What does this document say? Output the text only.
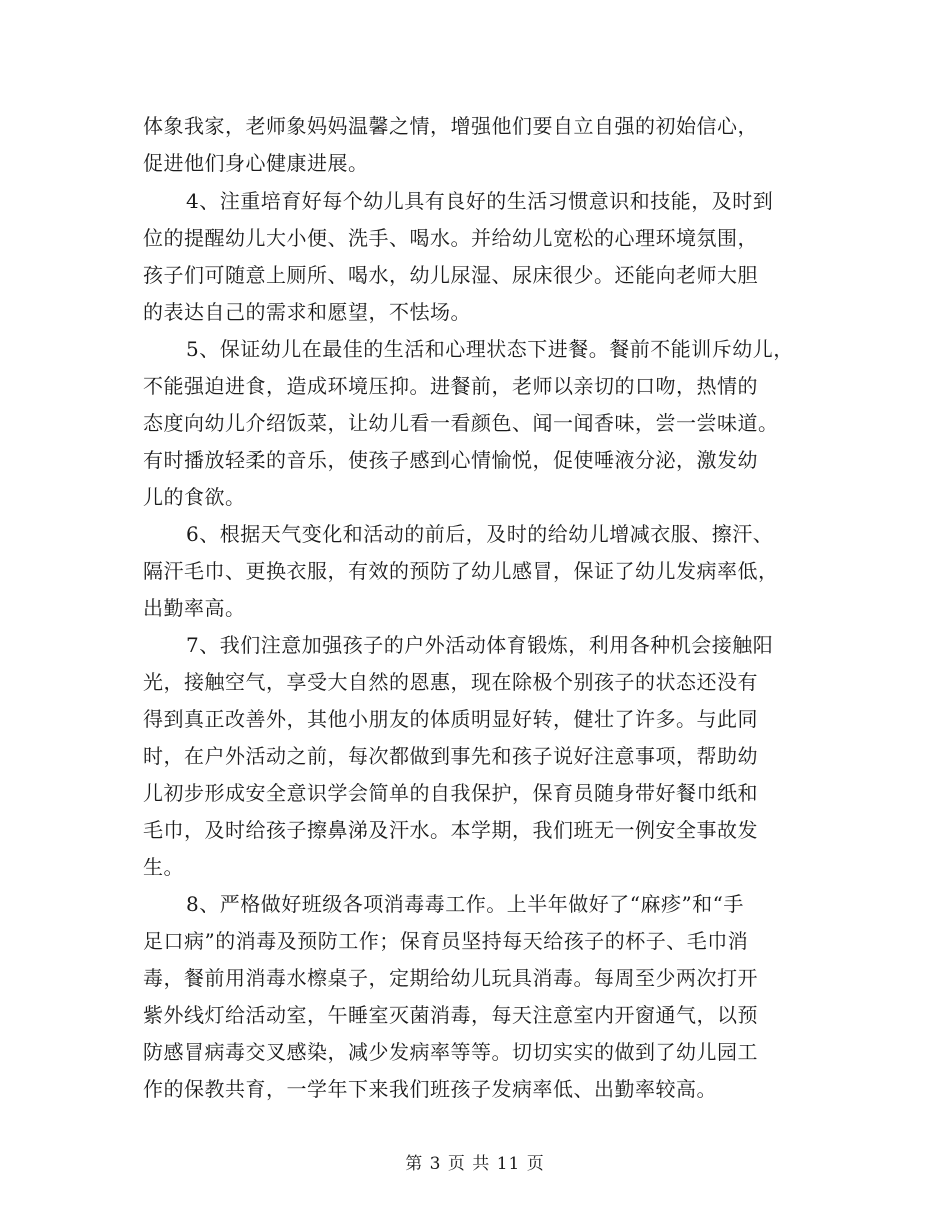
体象我家，老师象妈妈温馨之情，增强他们要自立自强的初始信心，
促进他们身心健康进展。
4、注重培育好每个幼儿具有良好的生活习惯意识和技能，及时到
位的提醒幼儿大小便、洗手、喝水。并给幼儿宽松的心理环境氛围，
孩子们可随意上厕所、喝水，幼儿尿湿、尿床很少。还能向老师大胆
的表达自己的需求和愿望，不怯场。
5、保证幼儿在最佳的生活和心理状态下进餐。餐前不能训斥幼儿，
不能强迫进食，造成环境压抑。进餐前，老师以亲切的口吻，热情的
态度向幼儿介绍饭菜，让幼儿看一看颜色、闻一闻香味，尝一尝味道。
有时播放轻柔的音乐，使孩子感到心情愉悦，促使唾液分泌，激发幼
儿的食欲。
6、根据天气变化和活动的前后，及时的给幼儿增减衣服、擦汗、
隔汗毛巾、更换衣服，有效的预防了幼儿感冒，保证了幼儿发病率低，
出勤率高。
7、我们注意加强孩子的户外活动体育锻炼，利用各种机会接触阳
光，接触空气，享受大自然的恩惠，现在除极个别孩子的状态还没有
得到真正改善外，其他小朋友的体质明显好转，健壮了许多。与此同
时，在户外活动之前，每次都做到事先和孩子说好注意事项，帮助幼
儿初步形成安全意识学会简单的自我保护，保育员随身带好餐巾纸和
毛巾，及时给孩子擦鼻涕及汗水。本学期，我们班无一例安全事故发
生。
8、严格做好班级各项消毒毒工作。上半年做好了“麻疹”和“手
足口病”的消毒及预防工作；保育员坚持每天给孩子的杯子、毛巾消
毒，餐前用消毒水檫桌子，定期给幼儿玩具消毒。每周至少两次打开
紫外线灯给活动室，午睡室灭菌消毒，每天注意室内开窗通气，以预
防感冒病毒交叉感染，减少发病率等等。切切实实的做到了幼儿园工
作的保教共育，一学年下来我们班孩子发病率低、出勤率较高。
第 3 页 共 11 页
